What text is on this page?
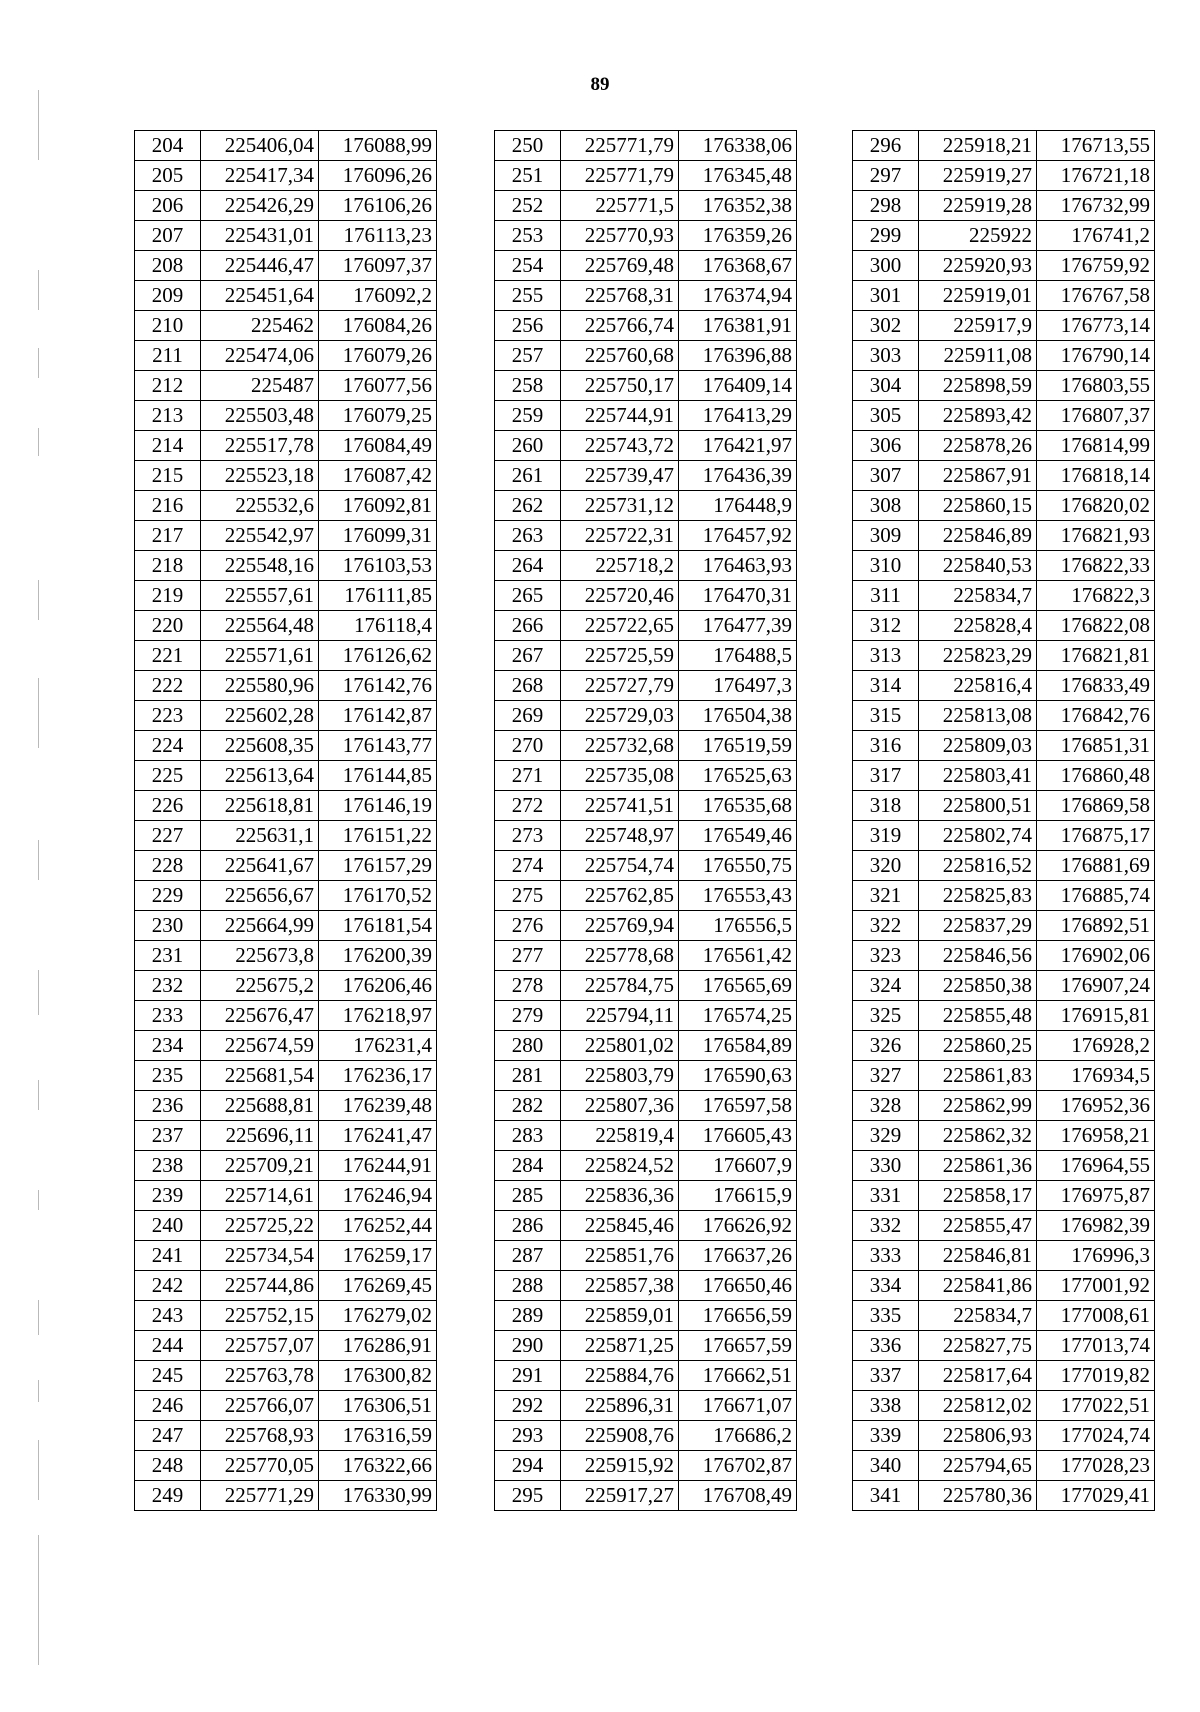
89
204	225406,04	176088,99
205	225417,34	176096,26
206	225426,29	176106,26
207	225431,01	176113,23
208	225446,47	176097,37
209	225451,64	176092,2
210	225462	176084,26
211	225474,06	176079,26
212	225487	176077,56
213	225503,48	176079,25
214	225517,78	176084,49
215	225523,18	176087,42
216	225532,6	176092,81
217	225542,97	176099,31
218	225548,16	176103,53
219	225557,61	176111,85
220	225564,48	176118,4
221	225571,61	176126,62
222	225580,96	176142,76
223	225602,28	176142,87
224	225608,35	176143,77
225	225613,64	176144,85
226	225618,81	176146,19
227	225631,1	176151,22
228	225641,67	176157,29
229	225656,67	176170,52
230	225664,99	176181,54
231	225673,8	176200,39
232	225675,2	176206,46
233	225676,47	176218,97
234	225674,59	176231,4
235	225681,54	176236,17
236	225688,81	176239,48
237	225696,11	176241,47
238	225709,21	176244,91
239	225714,61	176246,94
240	225725,22	176252,44
241	225734,54	176259,17
242	225744,86	176269,45
243	225752,15	176279,02
244	225757,07	176286,91
245	225763,78	176300,82
246	225766,07	176306,51
247	225768,93	176316,59
248	225770,05	176322,66
249	225771,29	176330,99
250	225771,79	176338,06
251	225771,79	176345,48
252	225771,5	176352,38
253	225770,93	176359,26
254	225769,48	176368,67
255	225768,31	176374,94
256	225766,74	176381,91
257	225760,68	176396,88
258	225750,17	176409,14
259	225744,91	176413,29
260	225743,72	176421,97
261	225739,47	176436,39
262	225731,12	176448,9
263	225722,31	176457,92
264	225718,2	176463,93
265	225720,46	176470,31
266	225722,65	176477,39
267	225725,59	176488,5
268	225727,79	176497,3
269	225729,03	176504,38
270	225732,68	176519,59
271	225735,08	176525,63
272	225741,51	176535,68
273	225748,97	176549,46
274	225754,74	176550,75
275	225762,85	176553,43
276	225769,94	176556,5
277	225778,68	176561,42
278	225784,75	176565,69
279	225794,11	176574,25
280	225801,02	176584,89
281	225803,79	176590,63
282	225807,36	176597,58
283	225819,4	176605,43
284	225824,52	176607,9
285	225836,36	176615,9
286	225845,46	176626,92
287	225851,76	176637,26
288	225857,38	176650,46
289	225859,01	176656,59
290	225871,25	176657,59
291	225884,76	176662,51
292	225896,31	176671,07
293	225908,76	176686,2
294	225915,92	176702,87
295	225917,27	176708,49
296	225918,21	176713,55
297	225919,27	176721,18
298	225919,28	176732,99
299	225922	176741,2
300	225920,93	176759,92
301	225919,01	176767,58
302	225917,9	176773,14
303	225911,08	176790,14
304	225898,59	176803,55
305	225893,42	176807,37
306	225878,26	176814,99
307	225867,91	176818,14
308	225860,15	176820,02
309	225846,89	176821,93
310	225840,53	176822,33
311	225834,7	176822,3
312	225828,4	176822,08
313	225823,29	176821,81
314	225816,4	176833,49
315	225813,08	176842,76
316	225809,03	176851,31
317	225803,41	176860,48
318	225800,51	176869,58
319	225802,74	176875,17
320	225816,52	176881,69
321	225825,83	176885,74
322	225837,29	176892,51
323	225846,56	176902,06
324	225850,38	176907,24
325	225855,48	176915,81
326	225860,25	176928,2
327	225861,83	176934,5
328	225862,99	176952,36
329	225862,32	176958,21
330	225861,36	176964,55
331	225858,17	176975,87
332	225855,47	176982,39
333	225846,81	176996,3
334	225841,86	177001,92
335	225834,7	177008,61
336	225827,75	177013,74
337	225817,64	177019,82
338	225812,02	177022,51
339	225806,93	177024,74
340	225794,65	177028,23
341	225780,36	177029,41
